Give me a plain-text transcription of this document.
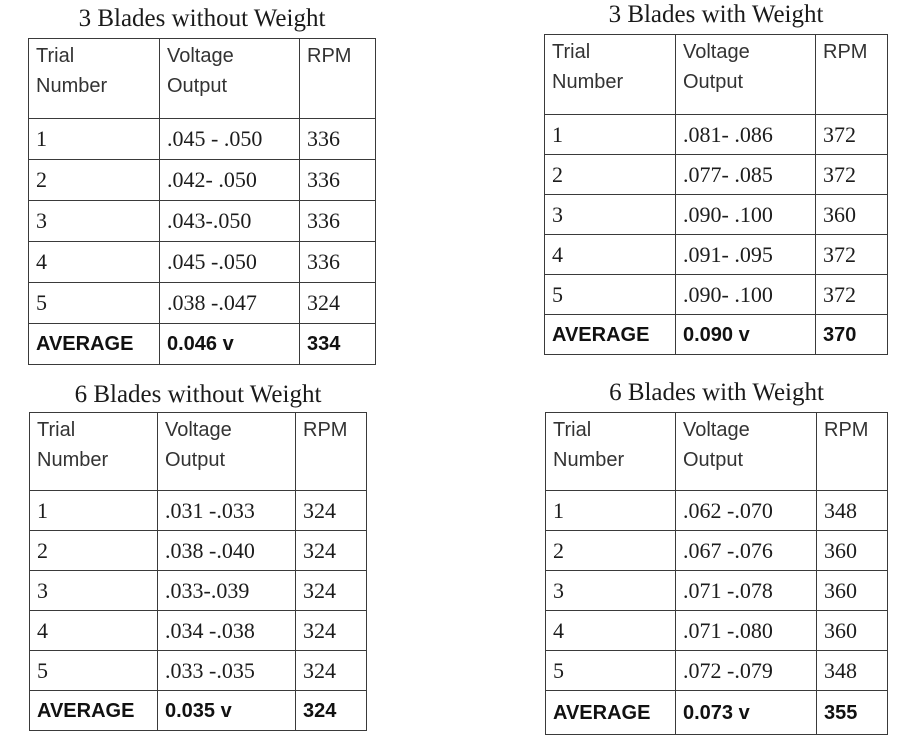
3 Blades without Weight
Trial
Number	Voltage
Output	RPM

1	.045 - .050	336
2	.042- .050	336
3	.043-.050	336
4	.045 -.050	336
5	.038 -.047	324
AVERAGE	0.046 v	334
3 Blades with Weight
Trial
Number	Voltage
Output	RPM

1	.081- .086	372
2	.077- .085	372
3	.090- .100	360
4	.091- .095	372
5	.090- .100	372
AVERAGE	0.090 v	370
6 Blades without Weight
Trial
Number	Voltage
Output	RPM

1	.031 -.033	324
2	.038 -.040	324
3	.033-.039	324
4	.034 -.038	324
5	.033 -.035	324
AVERAGE	0.035 v	324
6 Blades with Weight
Trial
Number	Voltage
Output	RPM

1	.062 -.070	348
2	.067 -.076	360
3	.071 -.078	360
4	.071 -.080	360
5	.072 -.079	348
AVERAGE	0.073 v	355
